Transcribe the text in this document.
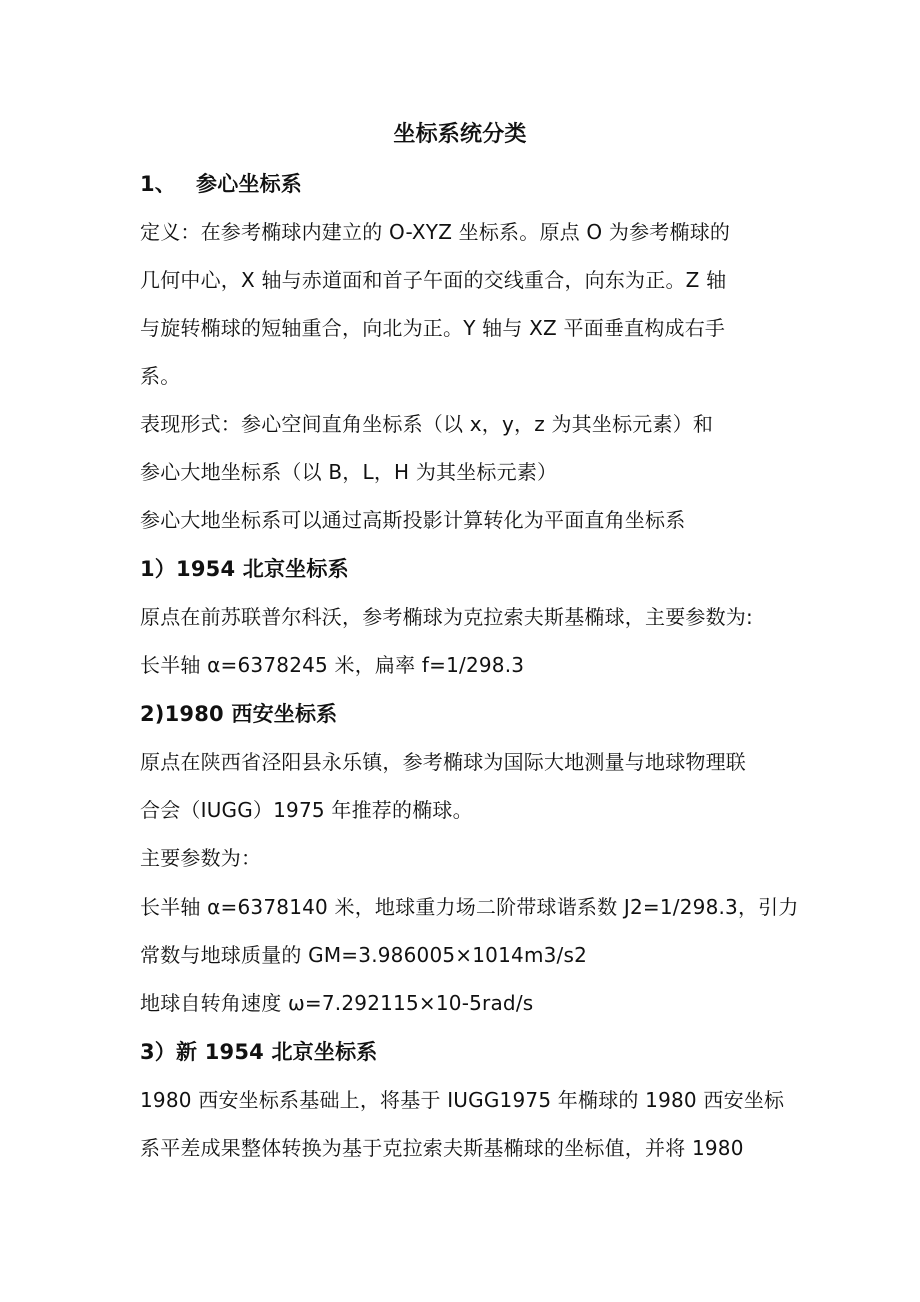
坐标系统分类
1、 参心坐标系
定义：在参考椭球内建立的 O-XYZ 坐标系。原点 O 为参考椭球的
几何中心，X 轴与赤道面和首子午面的交线重合，向东为正。Z 轴
与旋转椭球的短轴重合，向北为正。Y 轴与 XZ 平面垂直构成右手
系。
表现形式：参心空间直角坐标系（以 x，y，z 为其坐标元素）和
参心大地坐标系（以 B，L，H 为其坐标元素）
参心大地坐标系可以通过高斯投影计算转化为平面直角坐标系
1）1954 北京坐标系
原点在前苏联普尔科沃，参考椭球为克拉索夫斯基椭球，主要参数为:
长半轴 α=6378245 米，扁率 f=1/298.3
2)1980 西安坐标系
原点在陕西省泾阳县永乐镇，参考椭球为国际大地测量与地球物理联
合会（IUGG）1975 年推荐的椭球。
主要参数为：
长半轴 α=6378140 米，地球重力场二阶带球谐系数 J2=1/298.3，引力
常数与地球质量的 GM=3.986005×1014m3/s2
地球自转角速度 ω=7.292115×10-5rad/s
3）新 1954 北京坐标系
1980 西安坐标系基础上，将基于 IUGG1975 年椭球的 1980 西安坐标
系平差成果整体转换为基于克拉索夫斯基椭球的坐标值，并将 1980
